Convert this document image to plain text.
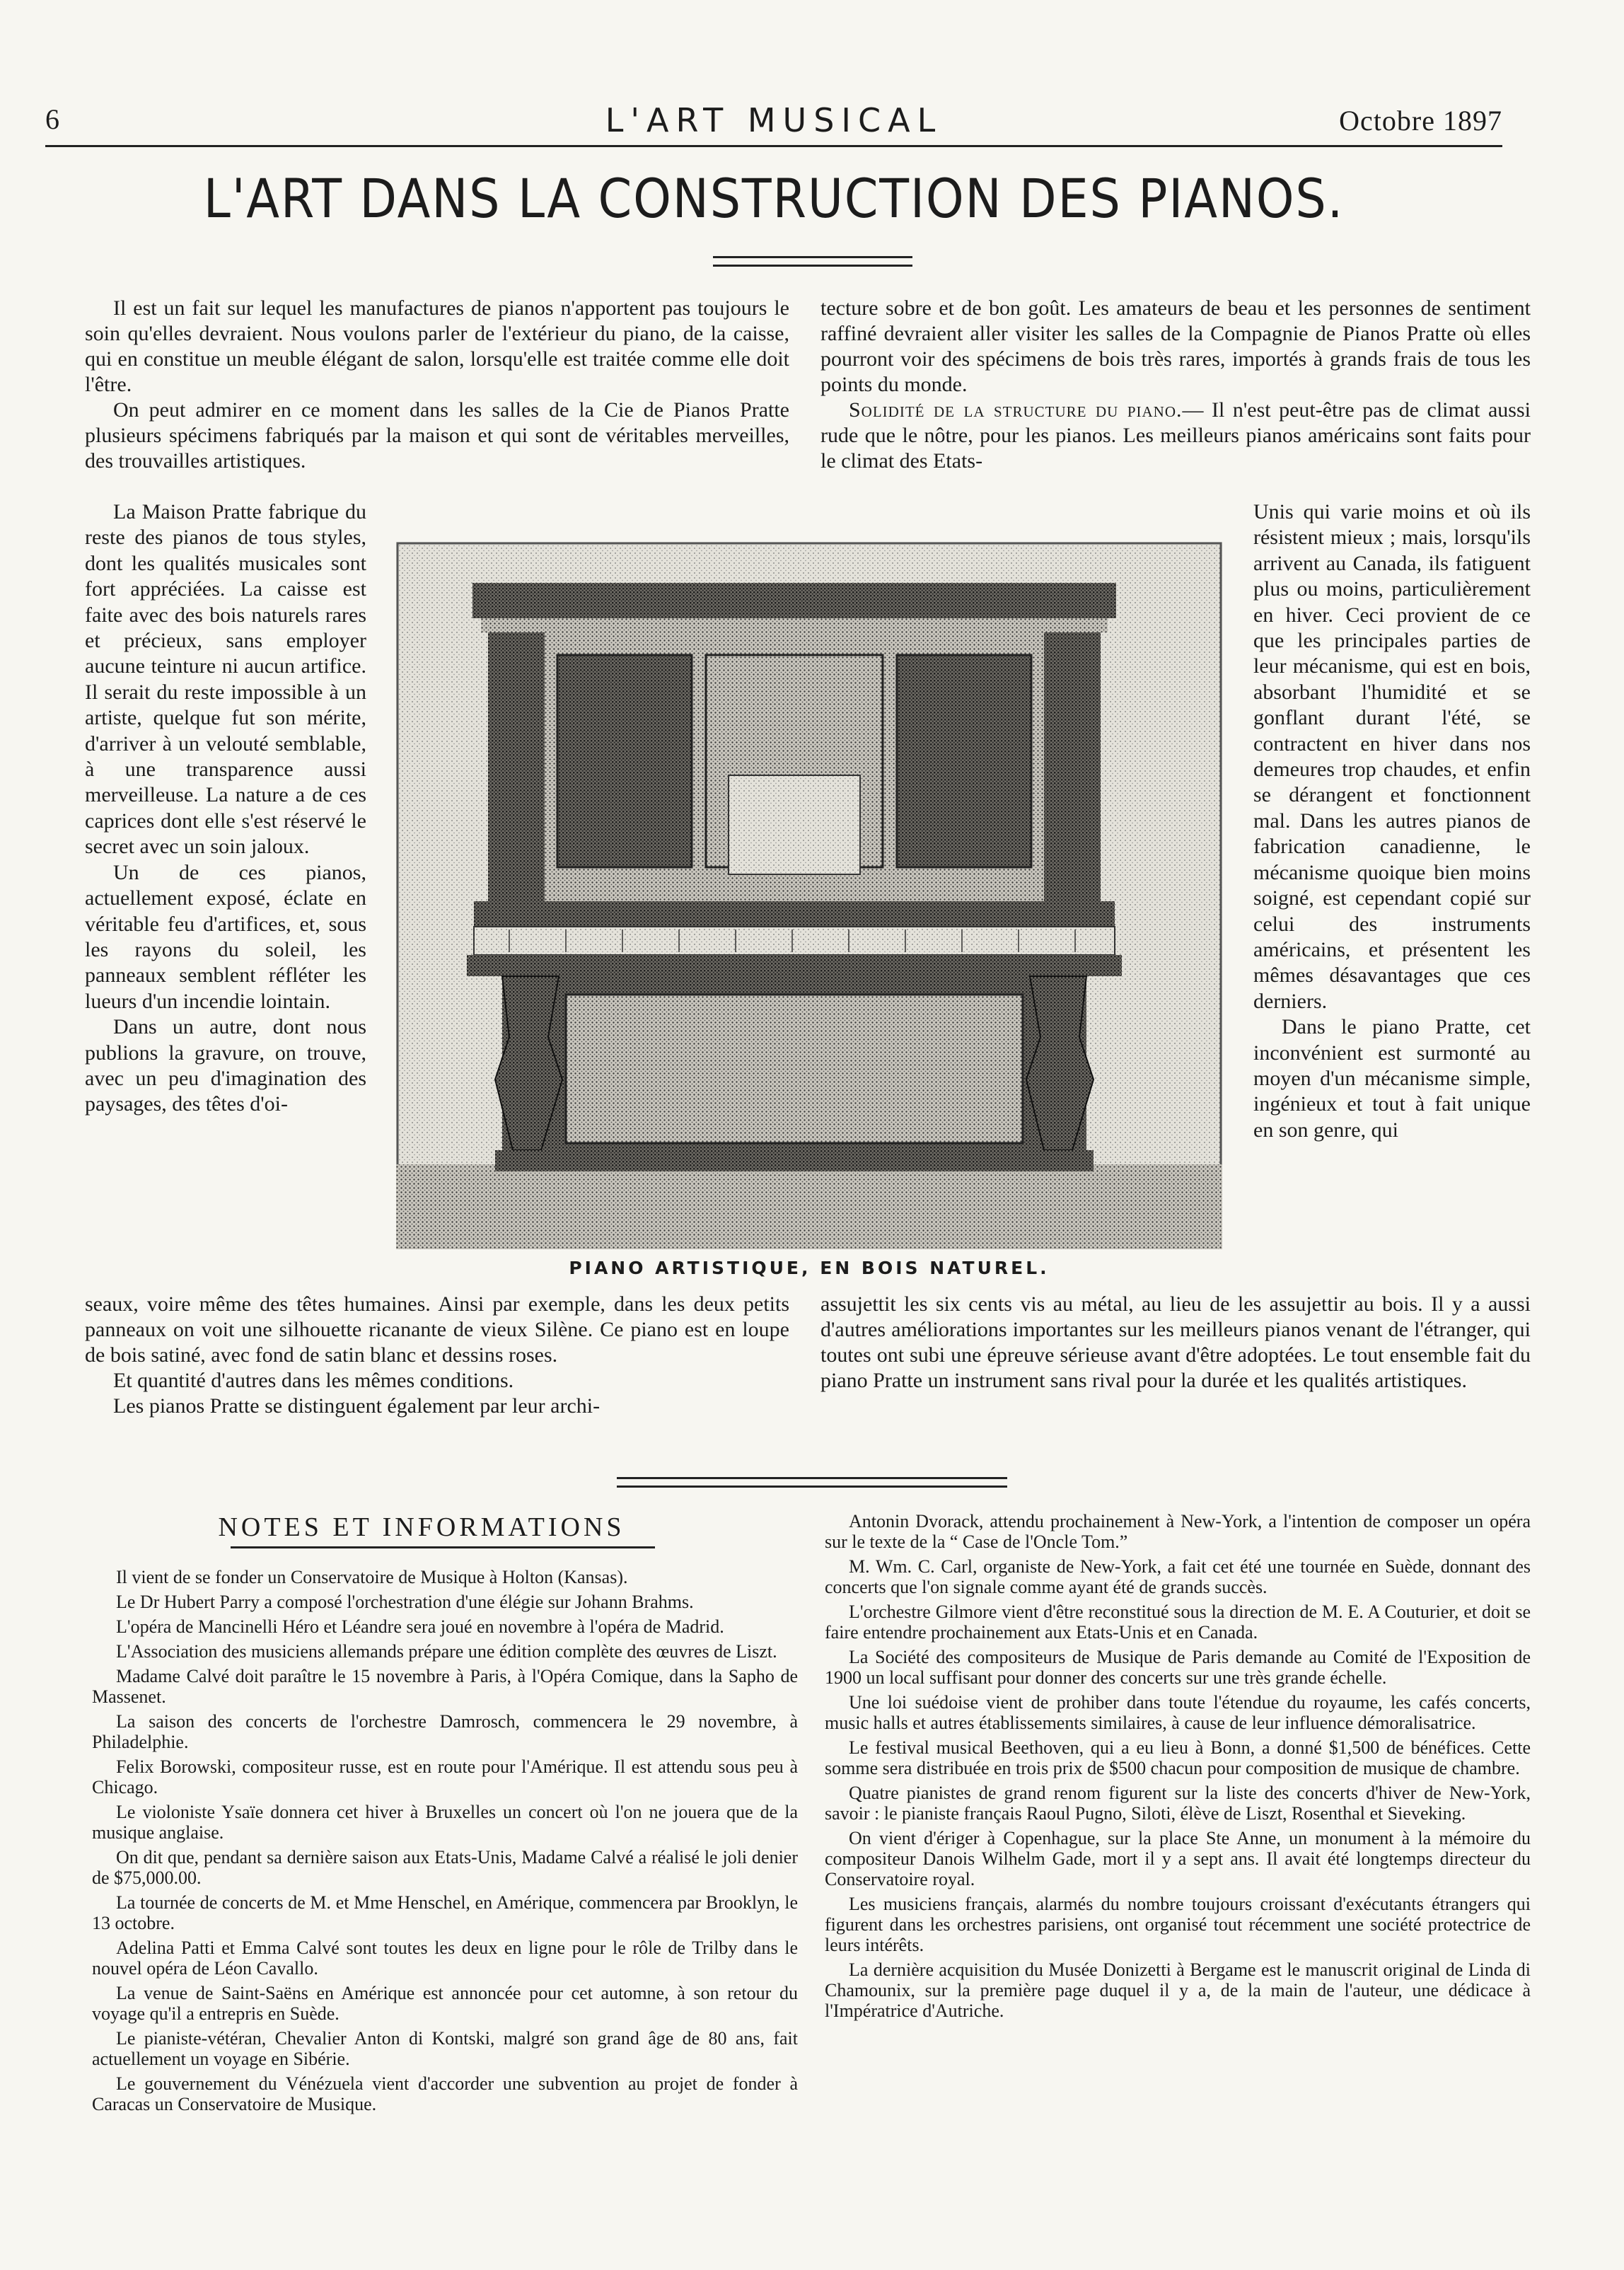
6	L'ART MUSICAL	Octobre 1897
L'ART DANS LA CONSTRUCTION DES PIANOS.

Il est un fait sur lequel les manufactures de pianos n'apportent pas toujours le soin qu'elles devraient. Nous voulons parler de l'extérieur du piano, de la caisse, qui en constitue un meuble élégant de salon, lorsqu'elle est traitée comme elle doit l'être.

On peut admirer en ce moment dans les salles de la Cie de Pianos Pratte plusieurs spécimens fabriqués par la maison et qui sont de véritables merveilles, des trouvailles artistiques.

La Maison Pratte fabrique du reste des pianos de tous styles, dont les qualités musicales sont fort appréciées. La caisse est faite avec des bois naturels rares et précieux, sans employer aucune teinture ni aucun artifice. Il serait du reste impossible à un artiste, quelque fut son mérite, d'arriver à un velouté semblable, à une transparence aussi merveilleuse. La nature a de ces caprices dont elle s'est réservé le secret avec un soin jaloux.

Un de ces pianos, actuellement exposé, éclate en véritable feu d'artifices, et, sous les rayons du soleil, les panneaux semblent réfléter les lueurs d'un incendie lointain.

Dans un autre, dont nous publions la gravure, on trouve, avec un peu d'imagination des paysages, des têtes d'oi-

seaux, voire même des têtes humaines. Ainsi par exemple, dans les deux petits panneaux on voit une silhouette ricanante de vieux Silène. Ce piano est en loupe de bois satiné, avec fond de satin blanc et dessins roses.

Et quantité d'autres dans les mêmes conditions.

Les pianos Pratte se distinguent également par leur archi-

tecture sobre et de bon goût. Les amateurs de beau et les personnes de sentiment raffiné devraient aller visiter les salles de la Compagnie de Pianos Pratte où elles pourront voir des spécimens de bois très rares, importés à grands frais de tous les points du monde.

Solidité de la structure du piano.— Il n'est peut-être pas de climat aussi rude que le nôtre, pour les pianos. Les meilleurs pianos américains sont faits pour le climat des Etats-

Unis qui varie moins et où ils résistent mieux ; mais, lorsqu'ils arrivent au Canada, ils fatiguent plus ou moins, particulièrement en hiver. Ceci provient de ce que les principales parties de leur mécanisme, qui est en bois, absorbant l'humidité et se gonflant durant l'été, se contractent en hiver dans nos demeures trop chaudes, et enfin se dérangent et fonctionnent mal. Dans les autres pianos de fabrication canadienne, le mécanisme quoique bien moins soigné, est cependant copié sur celui des instruments américains, et présentent les mêmes désavantages que ces derniers.

Dans le piano Pratte, cet inconvénient est surmonté au moyen d'un mécanisme simple, ingénieux et tout à fait unique en son genre, qui

assujettit les six cents vis au métal, au lieu de les assujettir au bois. Il y a aussi d'autres améliorations importantes sur les meilleurs pianos venant de l'étranger, qui toutes ont subi une épreuve sérieuse avant d'être adoptées. Le tout ensemble fait du piano Pratte un instrument sans rival pour la durée et les qualités artistiques.

PIANO ARTISTIQUE, EN BOIS NATUREL.
NOTES ET INFORMATIONS

Il vient de se fonder un Conservatoire de Musique à Holton (Kansas).

Le Dr Hubert Parry a composé l'orchestration d'une élégie sur Johann Brahms.

L'opéra de Mancinelli Héro et Léandre sera joué en novembre à l'opéra de Madrid.

L'Association des musiciens allemands prépare une édition complète des œuvres de Liszt.

Madame Calvé doit paraître le 15 novembre à Paris, à l'Opéra Comique, dans la Sapho de Massenet.

La saison des concerts de l'orchestre Damrosch, commencera le 29 novembre, à Philadelphie.

Felix Borowski, compositeur russe, est en route pour l'Amérique. Il est attendu sous peu à Chicago.

Le violoniste Ysaïe donnera cet hiver à Bruxelles un concert où l'on ne jouera que de la musique anglaise.

On dit que, pendant sa dernière saison aux Etats-Unis, Madame Calvé a réalisé le joli denier de $75,000.00.

La tournée de concerts de M. et Mme Henschel, en Amérique, commencera par Brooklyn, le 13 octobre.

Adelina Patti et Emma Calvé sont toutes les deux en ligne pour le rôle de Trilby dans le nouvel opéra de Léon Cavallo.

La venue de Saint-Saëns en Amérique est annoncée pour cet automne, à son retour du voyage qu'il a entrepris en Suède.

Le pianiste-vétéran, Chevalier Anton di Kontski, malgré son grand âge de 80 ans, fait actuellement un voyage en Sibérie.

Le gouvernement du Vénézuela vient d'accorder une subvention au projet de fonder à Caracas un Conservatoire de Musique.

Antonin Dvorack, attendu prochainement à New-York, a l'intention de composer un opéra sur le texte de la “ Case de l'Oncle Tom.”

M. Wm. C. Carl, organiste de New-York, a fait cet été une tournée en Suède, donnant des concerts que l'on signale comme ayant été de grands succès.

L'orchestre Gilmore vient d'être reconstitué sous la direction de M. E. A Couturier, et doit se faire entendre prochainement aux Etats-Unis et en Canada.

La Société des compositeurs de Musique de Paris demande au Comité de l'Exposition de 1900 un local suffisant pour donner des concerts sur une très grande échelle.

Une loi suédoise vient de prohiber dans toute l'étendue du royaume, les cafés concerts, music halls et autres établissements similaires, à cause de leur influence démoralisatrice.

Le festival musical Beethoven, qui a eu lieu à Bonn, a donné $1,500 de bénéfices. Cette somme sera distribuée en trois prix de $500 chacun pour composition de musique de chambre.

Quatre pianistes de grand renom figurent sur la liste des concerts d'hiver de New-York, savoir : le pianiste français Raoul Pugno, Siloti, élève de Liszt, Rosenthal et Sieveking.

On vient d'ériger à Copenhague, sur la place Ste Anne, un monument à la mémoire du compositeur Danois Wilhelm Gade, mort il y a sept ans. Il avait été longtemps directeur du Conservatoire royal.

Les musiciens français, alarmés du nombre toujours croissant d'exécutants étrangers qui figurent dans les orchestres parisiens, ont organisé tout récemment une société protectrice de leurs intérêts.

La dernière acquisition du Musée Donizetti à Bergame est le manuscrit original de Linda di Chamounix, sur la première page duquel il y a, de la main de l'auteur, une dédicace à l'Impératrice d'Autriche.
